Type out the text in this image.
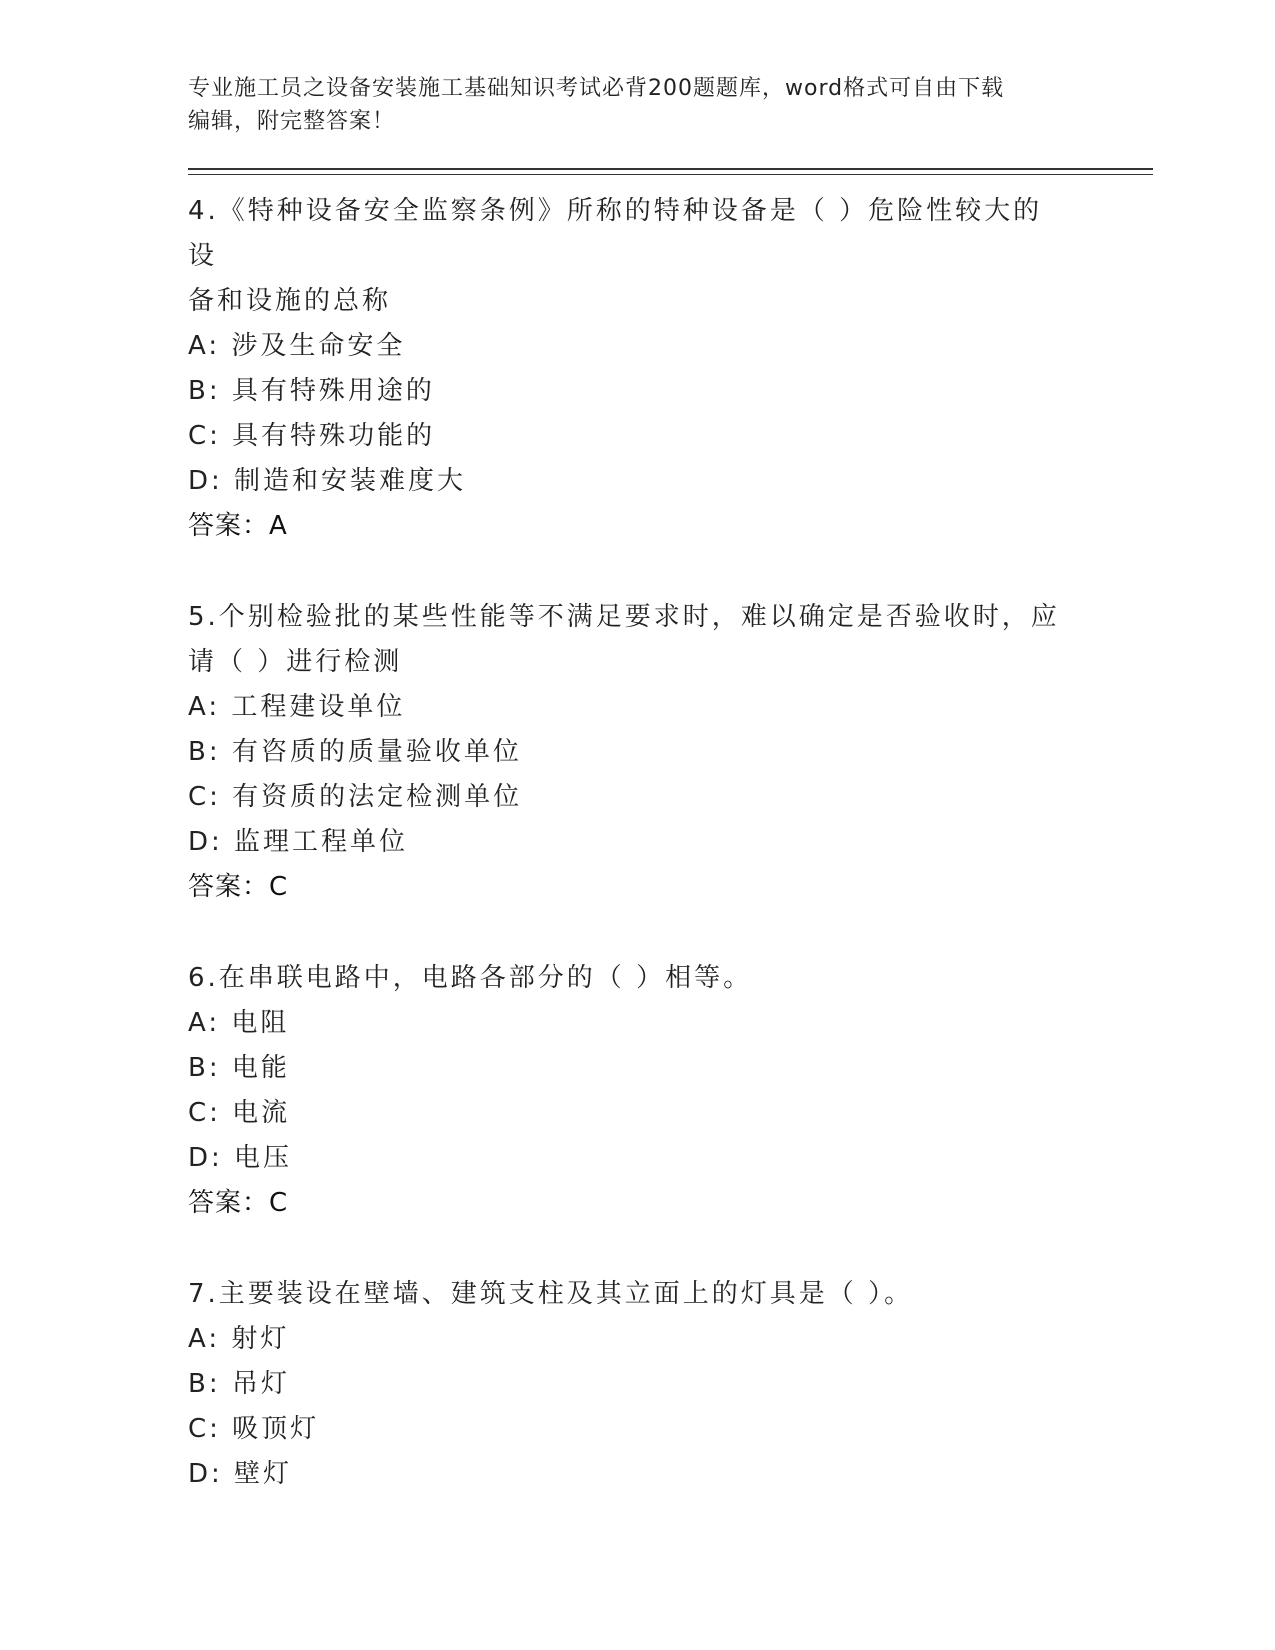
专业施工员之设备安装施工基础知识考试必背200题题库，word格式可自由下载
编辑，附完整答案！
4.《特种设备安全监察条例》所称的特种设备是（ ）危险性较大的设
备和设施的总称
A: 涉及生命安全
B: 具有特殊用途的
C: 具有特殊功能的
D: 制造和安装难度大
答案：A
5.个别检验批的某些性能等不满足要求时，难以确定是否验收时，应
请（ ）进行检测
A: 工程建设单位
B: 有咨质的质量验收单位
C: 有资质的法定检测单位
D: 监理工程单位
答案：C
6.在串联电路中，电路各部分的（ ）相等。
A: 电阻
B: 电能
C: 电流
D: 电压
答案：C
7.主要装设在壁墙、建筑支柱及其立面上的灯具是（ ）。
A: 射灯
B: 吊灯
C: 吸顶灯
D: 壁灯
